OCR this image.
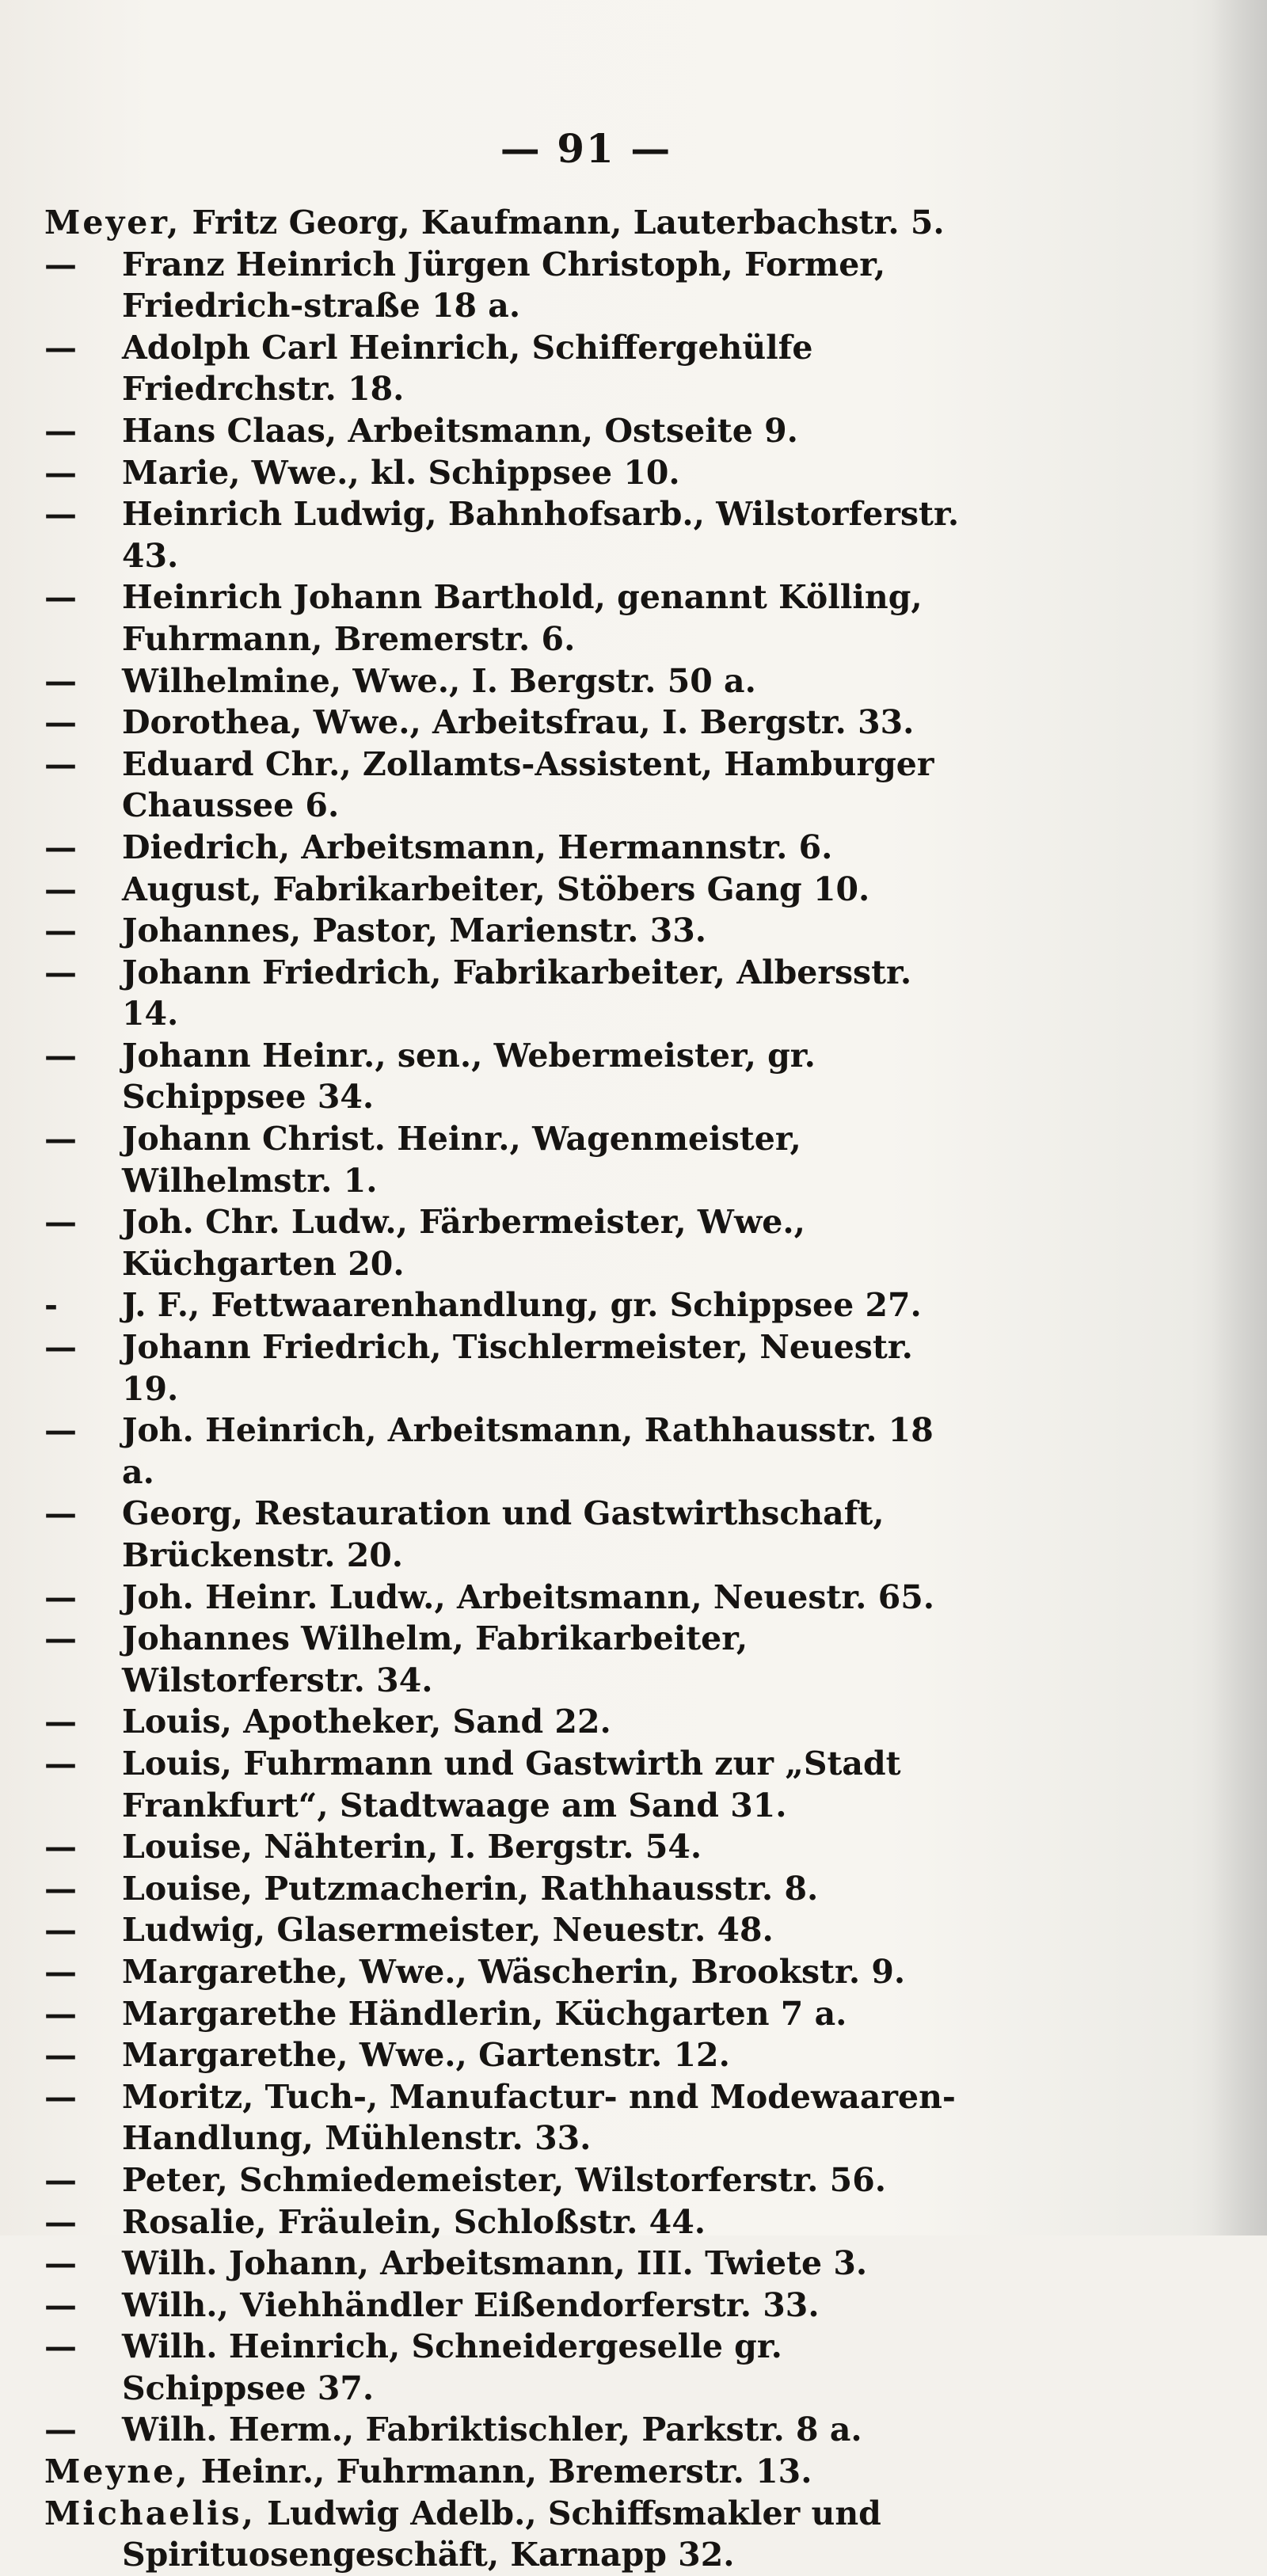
— 91 —
Meyer, Fritz Georg, Kaufmann, Lauterbachstr. 5.
— Franz Heinrich Jürgen Christoph, Former, Friedrich-straße 18 a.
— Adolph Carl Heinrich, Schiffergehülfe Friedrchstr. 18.
— Hans Claas, Arbeitsmann, Ostseite 9.
— Marie, Wwe., kl. Schippsee 10.
— Heinrich Ludwig, Bahnhofsarb., Wilstorferstr. 43.
— Heinrich Johann Barthold, genannt Kölling, Fuhrmann, Bremerstr. 6.
— Wilhelmine, Wwe., I. Bergstr. 50 a.
— Dorothea, Wwe., Arbeitsfrau, I. Bergstr. 33.
— Eduard Chr., Zollamts-Assistent, Hamburger Chaussee 6.
— Diedrich, Arbeitsmann, Hermannstr. 6.
— August, Fabrikarbeiter, Stöbers Gang 10.
— Johannes, Pastor, Marienstr. 33.
— Johann Friedrich, Fabrikarbeiter, Albersstr. 14.
— Johann Heinr., sen., Webermeister, gr. Schippsee 34.
— Johann Christ. Heinr., Wagenmeister, Wilhelmstr. 1.
— Joh. Chr. Ludw., Färbermeister, Wwe., Küchgarten 20.
- J. F., Fettwaarenhandlung, gr. Schippsee 27.
— Johann Friedrich, Tischlermeister, Neuestr. 19.
— Joh. Heinrich, Arbeitsmann, Rathhausstr. 18 a.
— Georg, Restauration und Gastwirthschaft, Brückenstr. 20.
— Joh. Heinr. Ludw., Arbeitsmann, Neuestr. 65.
— Johannes Wilhelm, Fabrikarbeiter, Wilstorferstr. 34.
— Louis, Apotheker, Sand 22.
— Louis, Fuhrmann und Gastwirth zur „Stadt Frankfurt“, Stadtwaage am Sand 31.
— Louise, Nähterin, I. Bergstr. 54.
— Louise, Putzmacherin, Rathhausstr. 8.
— Ludwig, Glasermeister, Neuestr. 48.
— Margarethe, Wwe., Wäscherin, Brookstr. 9.
— Margarethe Händlerin, Küchgarten 7 a.
— Margarethe, Wwe., Gartenstr. 12.
— Moritz, Tuch-, Manufactur- nnd Modewaaren-Handlung, Mühlenstr. 33.
— Peter, Schmiedemeister, Wilstorferstr. 56.
— Rosalie, Fräulein, Schloßstr. 44.
— Wilh. Johann, Arbeitsmann, III. Twiete 3.
— Wilh., Viehhändler Eißendorferstr. 33.
— Wilh. Heinrich, Schneidergeselle gr. Schippsee 37.
— Wilh. Herm., Fabriktischler, Parkstr. 8 a.
Meyne, Heinr., Fuhrmann, Bremerstr. 13.
Michaelis, Ludwig Adelb., Schiffsmakler und Spirituosengeschäft, Karnapp 32.
